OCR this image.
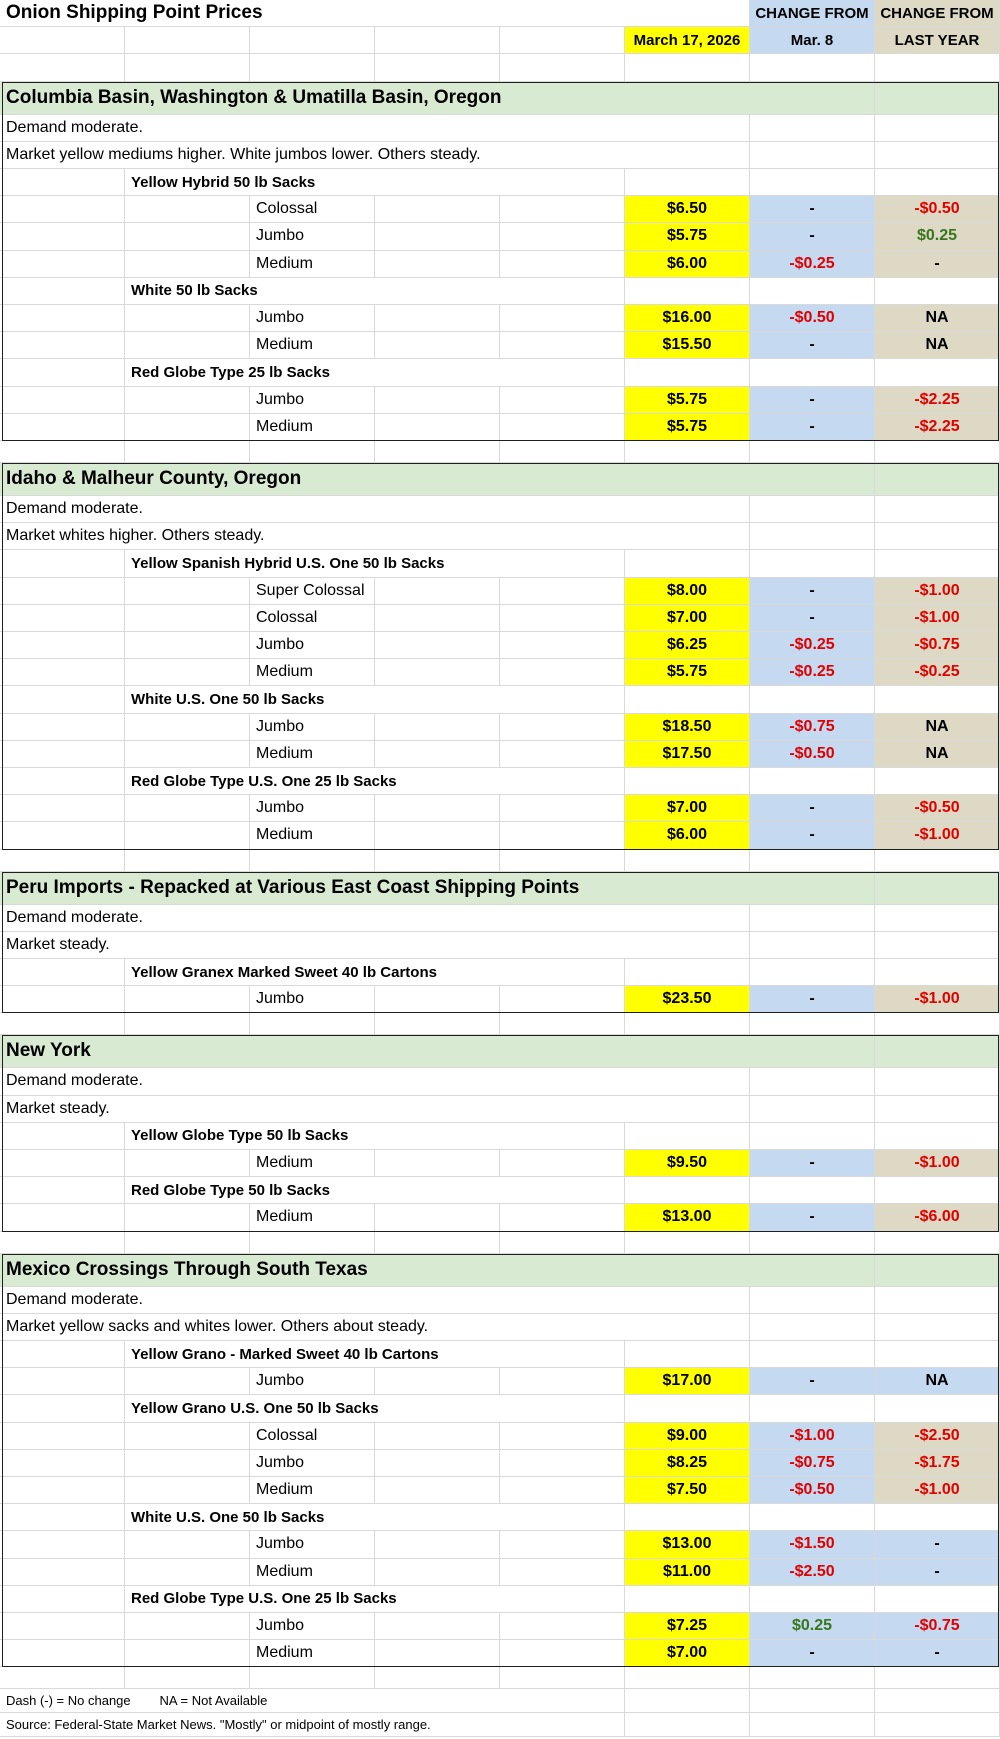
Onion Shipping Point Prices	CHANGE FROM CHANGE FROM
March 17, 2026	Mar. 8	LAST YEAR
Columbia Basin, Washington & Umatilla Basin, Oregon
Demand moderate.
Market yellow mediums higher. White jumbos lower. Others steady.
Yellow Hybrid 50 lb Sacks
Colossal	$6.50	-	-$0.50
Jumbo	$5.75	-	$0.25
Medium	$6.00	-$0.25	-
White 50 lb Sacks
Jumbo	$16.00	-$0.50	NA
Medium	$15.50	-	NA
Red Globe Type 25 lb Sacks
Jumbo	$5.75	-	-$2.25
Medium	$5.75	-	-$2.25
Idaho & Malheur County, Oregon
Demand moderate.
Market whites higher. Others steady.
Yellow Spanish Hybrid U.S. One 50 lb Sacks
Super Colossal	$8.00	-	-$1.00
Colossal	$7.00	-	-$1.00
Jumbo	$6.25	-$0.25	-$0.75
Medium	$5.75	-$0.25	-$0.25
White U.S. One 50 lb Sacks
Jumbo	$18.50	-$0.75	NA
Medium	$17.50	-$0.50	NA
Red Globe Type U.S. One 25 lb Sacks
Jumbo	$7.00	-	-$0.50
Medium	$6.00	-	-$1.00
Peru Imports - Repacked at Various East Coast Shipping Points
Demand moderate.
Market steady.
Yellow Granex Marked Sweet 40 lb Cartons
Jumbo	$23.50	-	-$1.00
New York
Demand moderate.
Market steady.
Yellow Globe Type 50 lb Sacks
Medium	$9.50	-	-$1.00
Red Globe Type 50 lb Sacks
Medium	$13.00	-	-$6.00
Mexico Crossings Through South Texas
Demand moderate.
Market yellow sacks and whites lower. Others about steady.
Yellow Grano - Marked Sweet 40 lb Cartons
Jumbo	$17.00	-	NA
Yellow Grano U.S. One 50 lb Sacks
Colossal	$9.00	-$1.00	-$2.50
Jumbo	$8.25	-$0.75	-$1.75
Medium	$7.50	-$0.50	-$1.00
White U.S. One 50 lb Sacks
Jumbo	$13.00	-$1.50	-
Medium	$11.00	-$2.50	-
Red Globe Type U.S. One 25 lb Sacks
Jumbo	$7.25	$0.25	-$0.75
Medium	$7.00	-	-
Dash (-) = No change        NA = Not Available
Source: Federal-State Market News. "Mostly" or midpoint of mostly range.
